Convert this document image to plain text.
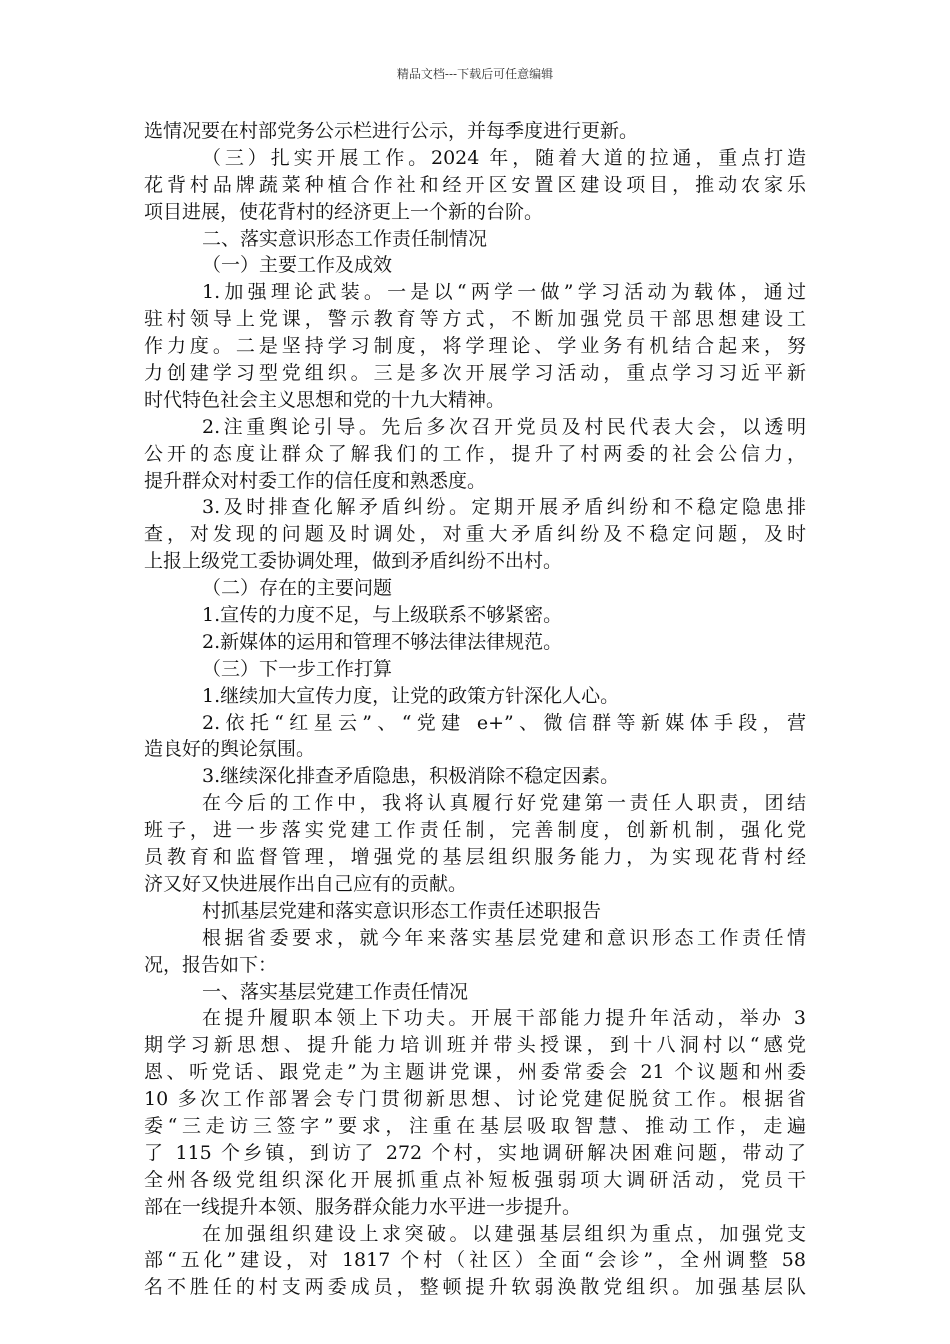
精品文档---下载后可任意编辑
选情况要在村部党务公示栏进行公示，并每季度进行更新。
（三）扎实开展工作。2024 年，随着大道的拉通，重点打造
花背村品牌蔬菜种植合作社和经开区安置区建设项目，推动农家乐
项目进展，使花背村的经济更上一个新的台阶。
二、落实意识形态工作责任制情况
（一）主要工作及成效
1.加强理论武装。一是以“两学一做”学习活动为载体，通过
驻村领导上党课，警示教育等方式，不断加强党员干部思想建设工
作力度。二是坚持学习制度，将学理论、学业务有机结合起来，努
力创建学习型党组织。三是多次开展学习活动，重点学习习近平新
时代特色社会主义思想和党的十九大精神。
2.注重舆论引导。先后多次召开党员及村民代表大会，以透明
公开的态度让群众了解我们的工作，提升了村两委的社会公信力，
提升群众对村委工作的信任度和熟悉度。
3.及时排查化解矛盾纠纷。定期开展矛盾纠纷和不稳定隐患排
查，对发现的问题及时调处，对重大矛盾纠纷及不稳定问题，及时
上报上级党工委协调处理，做到矛盾纠纷不出村。
（二）存在的主要问题
1.宣传的力度不足，与上级联系不够紧密。
2.新媒体的运用和管理不够法律法律规范。
（三）下一步工作打算
1.继续加大宣传力度，让党的政策方针深化人心。
2.依托“红星云”、“党建 e+”、微信群等新媒体手段，营
造良好的舆论氛围。
3.继续深化排查矛盾隐患，积极消除不稳定因素。
在今后的工作中，我将认真履行好党建第一责任人职责，团结
班子，进一步落实党建工作责任制，完善制度，创新机制，强化党
员教育和监督管理，增强党的基层组织服务能力，为实现花背村经
济又好又快进展作出自己应有的贡献。
村抓基层党建和落实意识形态工作责任述职报告
根据省委要求，就今年来落实基层党建和意识形态工作责任情
况，报告如下：
一、落实基层党建工作责任情况
在提升履职本领上下功夫。开展干部能力提升年活动，举办 3
期学习新思想、提升能力培训班并带头授课，到十八洞村以“感党
恩、听党话、跟党走”为主题讲党课，州委常委会 21 个议题和州委
10 多次工作部署会专门贯彻新思想、讨论党建促脱贫工作。根据省
委“三走访三签字”要求，注重在基层吸取智慧、推动工作，走遍
了 115 个乡镇，到访了 272 个村，实地调研解决困难问题，带动了
全州各级党组织深化开展抓重点补短板强弱项大调研活动，党员干
部在一线提升本领、服务群众能力水平进一步提升。
在加强组织建设上求突破。以建强基层组织为重点，加强党支
部“五化”建设，对 1817 个村（社区）全面“会诊”，全州调整 58
名不胜任的村支两委成员，整顿提升软弱涣散党组织。加强基层队
